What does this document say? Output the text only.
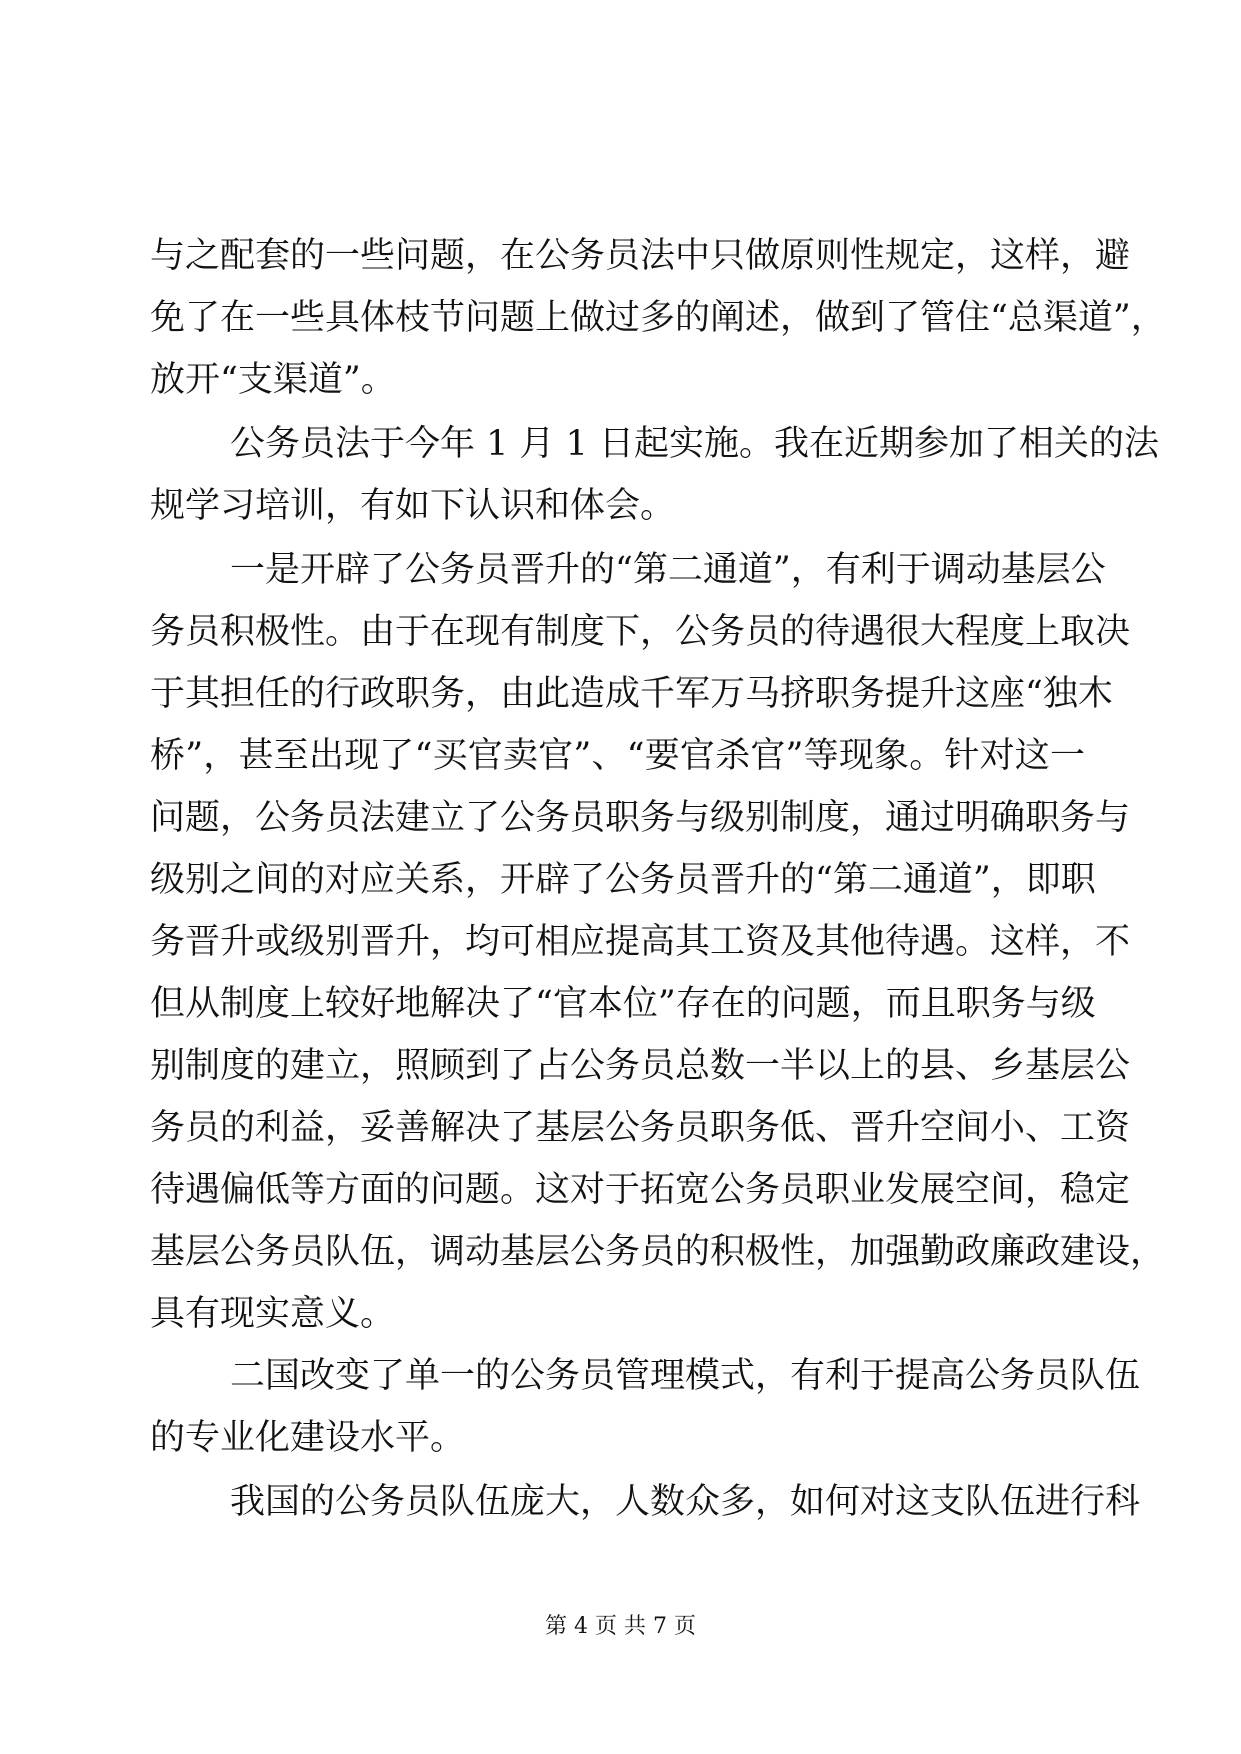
与之配套的一些问题，在公务员法中只做原则性规定，这样，避
免了在一些具体枝节问题上做过多的阐述，做到了管住“总渠道”，
放开“支渠道”。
公务员法于今年 1 月 1 日起实施。我在近期参加了相关的法
规学习培训，有如下认识和体会。
一是开辟了公务员晋升的“第二通道”，有利于调动基层公
务员积极性。由于在现有制度下，公务员的待遇很大程度上取决
于其担任的行政职务，由此造成千军万马挤职务提升这座“独木
桥”，甚至出现了“买官卖官”、“要官杀官”等现象。针对这一
问题，公务员法建立了公务员职务与级别制度，通过明确职务与
级别之间的对应关系，开辟了公务员晋升的“第二通道”，即职
务晋升或级别晋升，均可相应提高其工资及其他待遇。这样，不
但从制度上较好地解决了“官本位”存在的问题，而且职务与级
别制度的建立，照顾到了占公务员总数一半以上的县、乡基层公
务员的利益，妥善解决了基层公务员职务低、晋升空间小、工资
待遇偏低等方面的问题。这对于拓宽公务员职业发展空间，稳定
基层公务员队伍，调动基层公务员的积极性，加强勤政廉政建设，
具有现实意义。
二国改变了单一的公务员管理模式，有利于提高公务员队伍
的专业化建设水平。
我国的公务员队伍庞大，人数众多，如何对这支队伍进行科
第 4 页 共 7 页
